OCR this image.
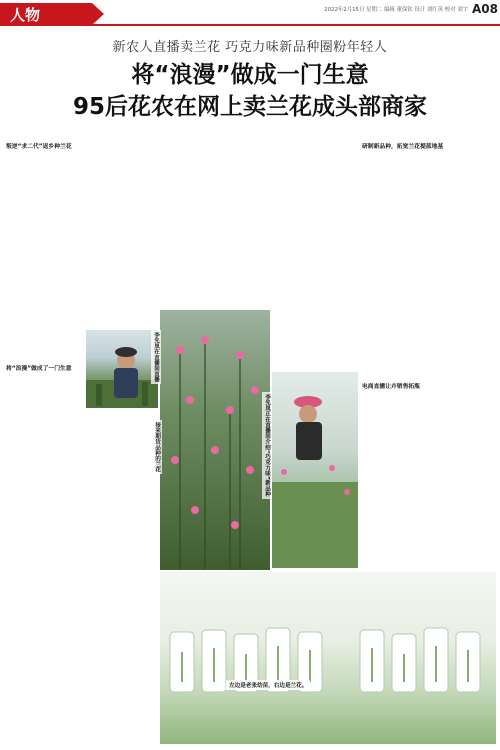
人物	2022年2月15日 星期二 编辑 董保钦 设计 刘红英 校对 刘宇 A08
新农人直播卖兰花 巧克力味新品种圈粉年轻人
将“浪漫”做成一门生意
95后花农在网上卖兰花成头部商家

叛逆“求二代”返乡种兰花

将“浪漫”做成了一门生意	李先岚在直播间直播
接来期货品种的兰花	李先岚正在直播间介绍“巧克力味”新品种

研制新品种，拓宽兰花提蓝地基

电商直播让卉销售拓瓶

左边是老张幼苗，右边是兰花。
